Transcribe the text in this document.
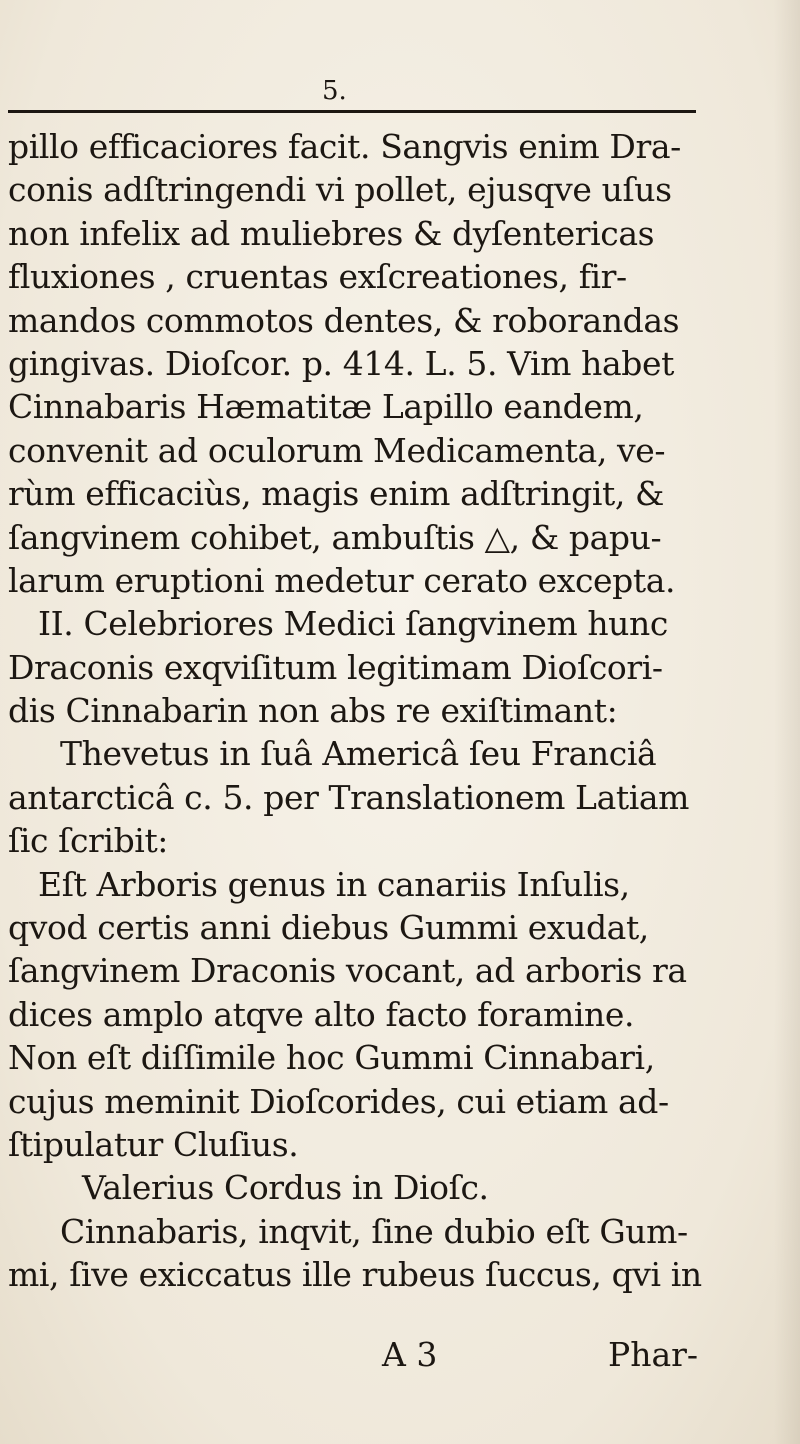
5.
pillo efficaciores facit. Sangvis enim Dra-
conis adſtringendi vi pollet, ejusqve uſus
non infelix ad muliebres & dyſentericas
fluxiones , cruentas exſcreationes, fir-
mandos commotos dentes, & roborandas
gingivas. Dioſcor. p. 414. L. 5. Vim habet
Cinnabaris Hæmatitæ Lapillo eandem,
convenit ad oculorum Medicamenta, ve-
rùm efficaciùs, magis enim adſtringit, &
ſangvinem cohibet, ambuſtis △, & papu-
larum eruptioni medetur cerato excepta.
II. Celebriores Medici ſangvinem hunc
Draconis exqviſitum legitimam Dioſcori-
dis Cinnabarin non abs re exiſtimant:
Thevetus in ſuâ Americâ ſeu Franciâ
antarcticâ c. 5. per Translationem Latiam
ſic ſcribit:
Eſt Arboris genus in canariis Inſulis,
qvod certis anni diebus Gummi exudat,
ſangvinem Draconis vocant, ad arboris ra
dices amplo atqve alto facto foramine.
Non eſt diſſimile hoc Gummi Cinnabari,
cujus meminit Dioſcorides, cui etiam ad-
ſtipulatur Cluſius.
Valerius Cordus in Dioſc.
Cinnabaris, inqvit, ſine dubio eſt Gum-
mi, ſive exiccatus ille rubeus ſuccus, qvi in
A 3	Phar-
